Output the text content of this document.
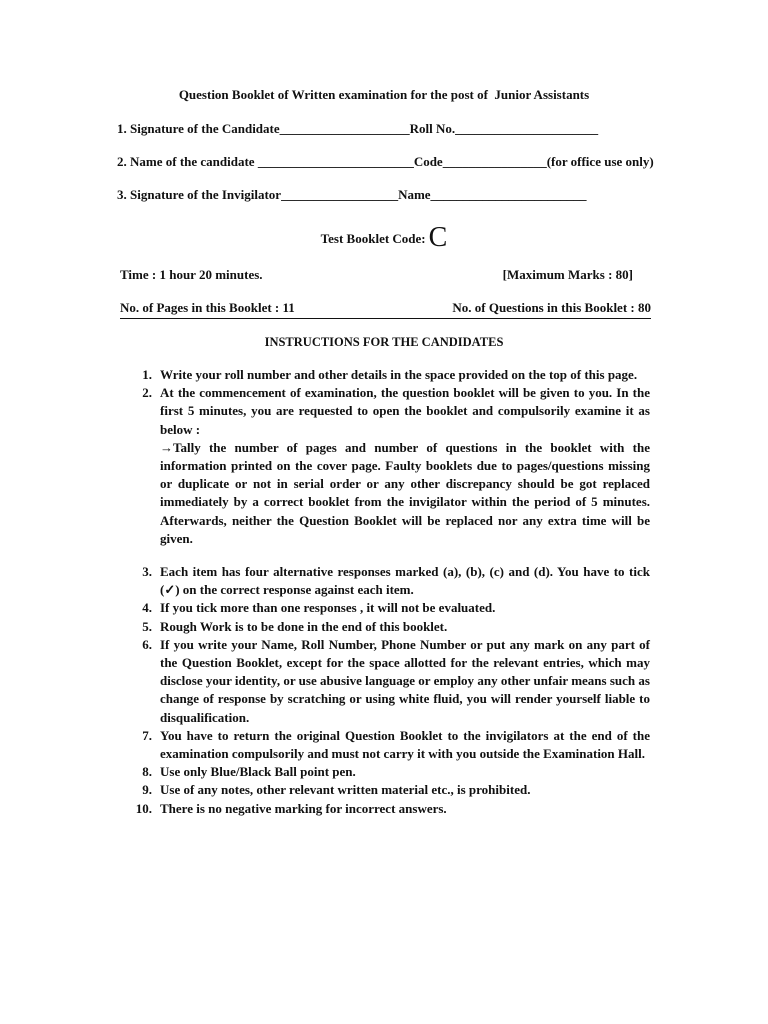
Question Booklet of Written examination for the post of  Junior Assistants
1. Signature of the Candidate____________________Roll No.______________________
2. Name of the candidate ________________________Code________________(for office use only)
3. Signature of the Invigilator__________________Name________________________
Test Booklet Code: C
Time : 1 hour 20 minutes.	[Maximum Marks : 80]
No. of Pages in this Booklet : 11	No. of Questions in this Booklet : 80
INSTRUCTIONS FOR THE CANDIDATES
1. Write your roll number and other details in the space provided on the top of this page.

2. At the commencement of examination, the question booklet will be given to you. In the first 5 minutes, you are requested to open the booklet and compulsorily examine it as below :

→Tally the number of pages and number of questions in the booklet with the information printed on the cover page. Faulty booklets due to pages/questions missing or duplicate or not in serial order or any other discrepancy should be got replaced immediately by a correct booklet from the invigilator within the period of 5 minutes. Afterwards, neither the Question Booklet will be replaced nor any extra time will be given.

3. Each item has four alternative responses marked (a), (b), (c) and (d). You have to tick (✓) on the correct response against each item.

4. If you tick more than one responses , it will not be evaluated.

5. Rough Work is to be done in the end of this booklet.

6. If you write your Name, Roll Number, Phone Number or put any mark on any part of the Question Booklet, except for the space allotted for the relevant entries, which may disclose your identity, or use abusive language or employ any other unfair means such as change of response by scratching or using white fluid, you will render yourself liable to disqualification.

7. You have to return the original Question Booklet to the invigilators at the end of the examination compulsorily and must not carry it with you outside the Examination Hall.

8. Use only Blue/Black Ball point pen.

9. Use of any notes, other relevant written material etc., is prohibited.

10. There is no negative marking for incorrect answers.
